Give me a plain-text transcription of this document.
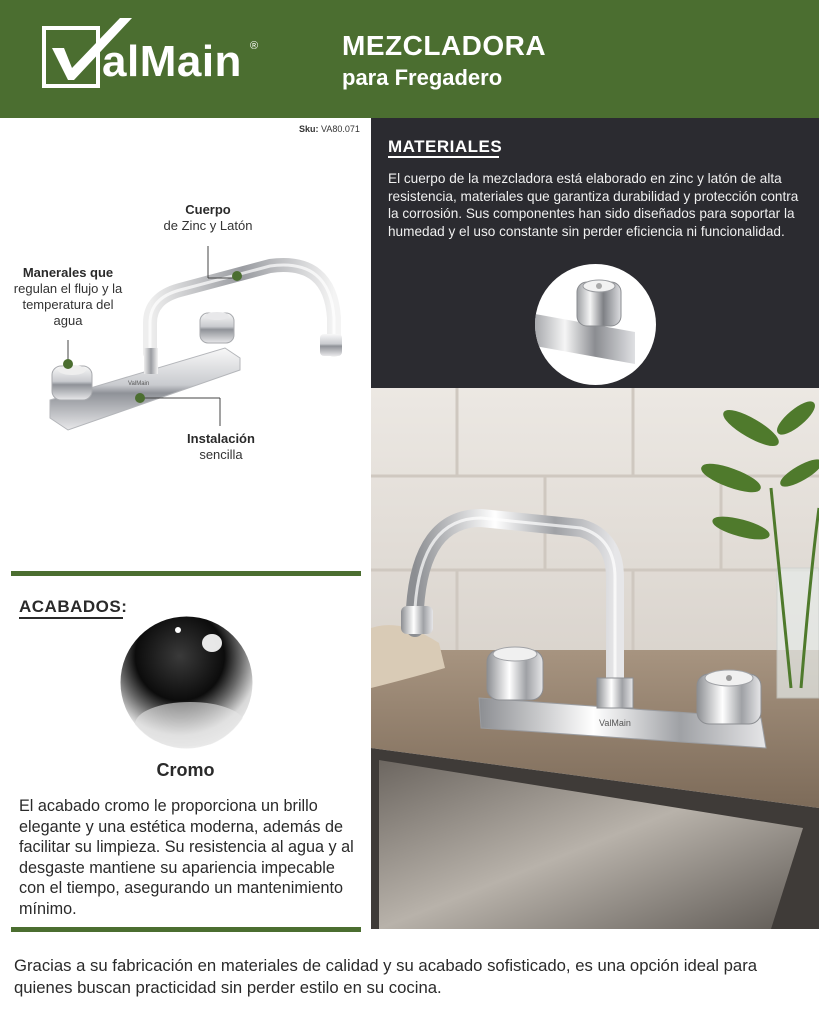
alMain ®	MEZCLADORA
para Fregadero
Sku: VA80.071
ValMain
Cuerpo
de Zinc y Latón
Manerales que
regulan el flujo y la temperatura del agua
Instalación
sencilla
ACABADOS:
Cromo
El acabado cromo le proporciona un brillo elegante y una estética moderna, además de facilitar su limpieza. Su resistencia al agua y al desgaste mantiene su apariencia impecable con el tiempo, asegurando un mantenimiento mínimo.
MATERIALES
El cuerpo de la mezcladora está elaborado en zinc y latón de alta resistencia, materiales que garantiza durabilidad y protección contra la corrosión. Sus componentes han sido diseñados para soportar la humedad y el uso constante sin perder eficiencia ni funcionalidad.
ValMain
Gracias a su fabricación en materiales de calidad y su acabado sofisticado, es una opción ideal para quienes buscan practicidad sin perder estilo en su cocina.
